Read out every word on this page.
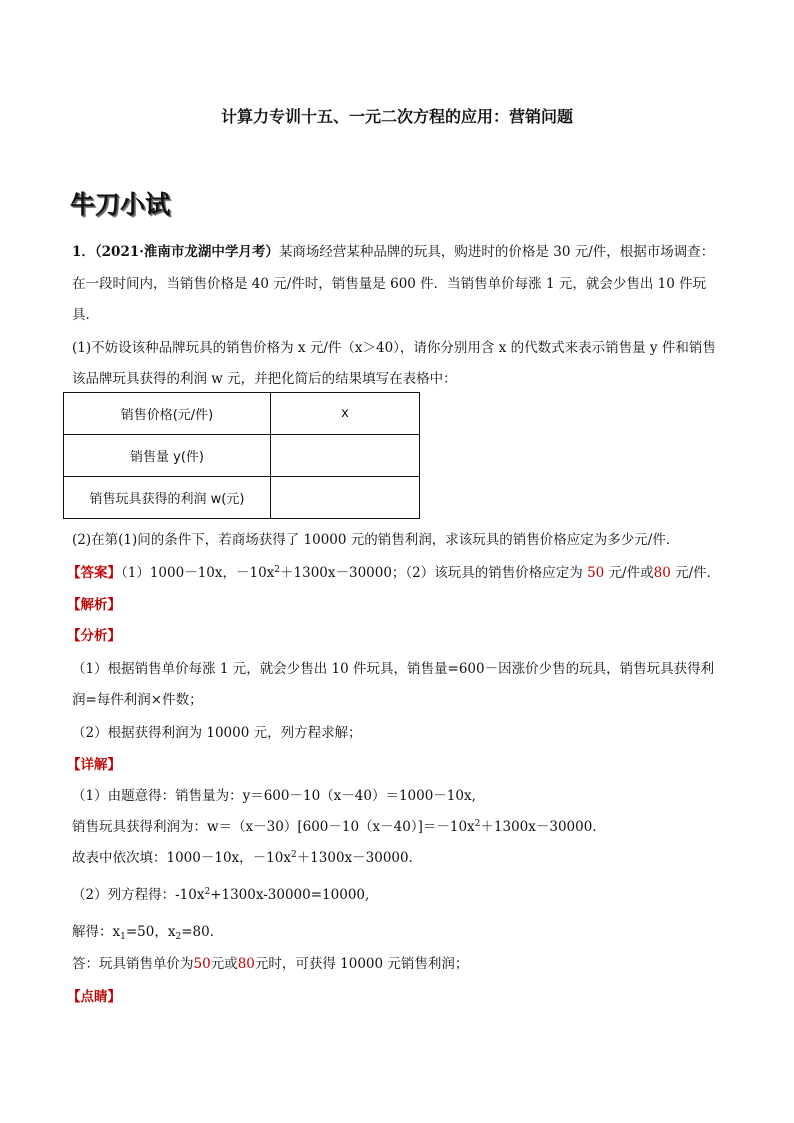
计算力专训十五、一元二次方程的应用：营销问题
牛刀小试
1．（2021·淮南市龙湖中学月考）某商场经营某种品牌的玩具，购进时的价格是 30 元/件，根据市场调查：
在一段时间内，当销售价格是 40 元/件时，销售量是 600 件．当销售单价每涨 1 元，就会少售出 10 件玩
具．
(1)不妨设该种品牌玩具的销售价格为 x 元/件（x＞40），请你分别用含 x 的代数式来表示销售量 y 件和销售
该品牌玩具获得的利润 w 元，并把化简后的结果填写在表格中：
销售价格(元/件)	x
销售量 y(件)	
销售玩具获得的利润 w(元)	
(2)在第(1)问的条件下，若商场获得了 10000 元的销售利润，求该玩具的销售价格应定为多少元/件．
【答案】（1）1000－10x，$-10x^2+1300x-30000$；（2）该玩具的销售价格应定为 50 元/件或80 元/件．
【解析】
【分析】
（1）根据销售单价每涨 1 元，就会少售出 10 件玩具，销售量=600－因涨价少售的玩具，销售玩具获得利
润=每件利润×件数；
（2）根据获得利润为 10000 元，列方程求解；
【详解】
（1）由题意得：销售量为：y＝600－10（x－40）＝1000－10x,
销售玩具获得利润为：$w=(x-30)[600-10(x-40)]=-10x^2+1300x-30000$．
故表中依次填：1000－10x，$-10x^2+1300x-30000$．
（2）列方程得：$-10x^2+1300x-30000=10000$,
解得：$x_1=50$，$x_2=80$.
答：玩具销售单价为50元或80元时，可获得 10000 元销售利润；
【点睛】
